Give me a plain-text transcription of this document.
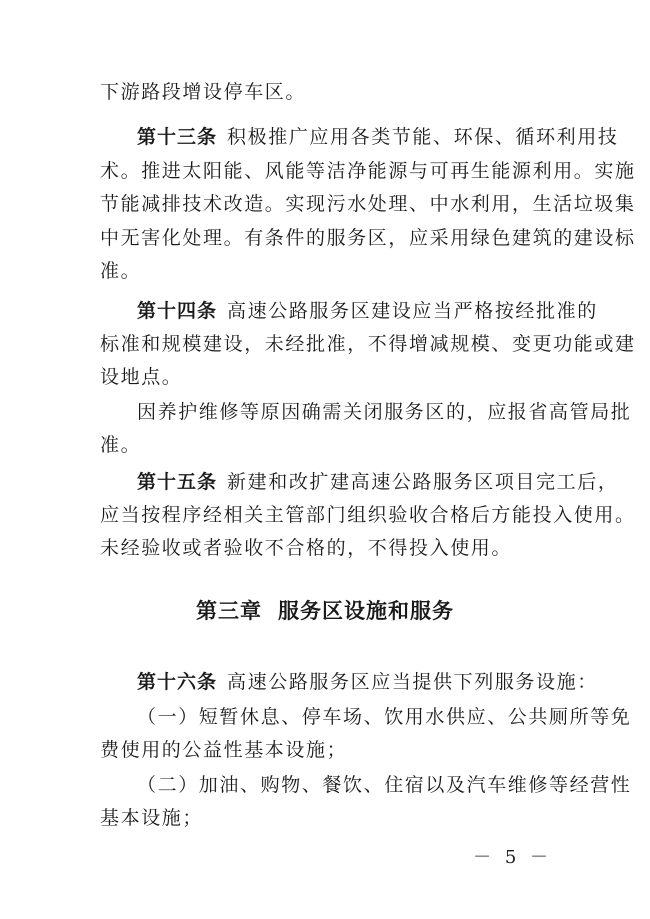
下游路段增设停车区。
第十三条 积极推广应用各类节能、环保、循环利用技
术。推进太阳能、风能等洁净能源与可再生能源利用。实施
节能减排技术改造。实现污水处理、中水利用，生活垃圾集
中无害化处理。有条件的服务区，应采用绿色建筑的建设标
准。
第十四条 高速公路服务区建设应当严格按经批准的
标准和规模建设，未经批准，不得增减规模、变更功能或建
设地点。
因养护维修等原因确需关闭服务区的，应报省高管局批
准。
第十五条 新建和改扩建高速公路服务区项目完工后，
应当按程序经相关主管部门组织验收合格后方能投入使用。
未经验收或者验收不合格的，不得投入使用。
第三章 服务区设施和服务
第十六条 高速公路服务区应当提供下列服务设施：
（一）短暂休息、停车场、饮用水供应、公共厕所等免
费使用的公益性基本设施；
（二）加油、购物、餐饮、住宿以及汽车维修等经营性
基本设施；
－ 5 －
